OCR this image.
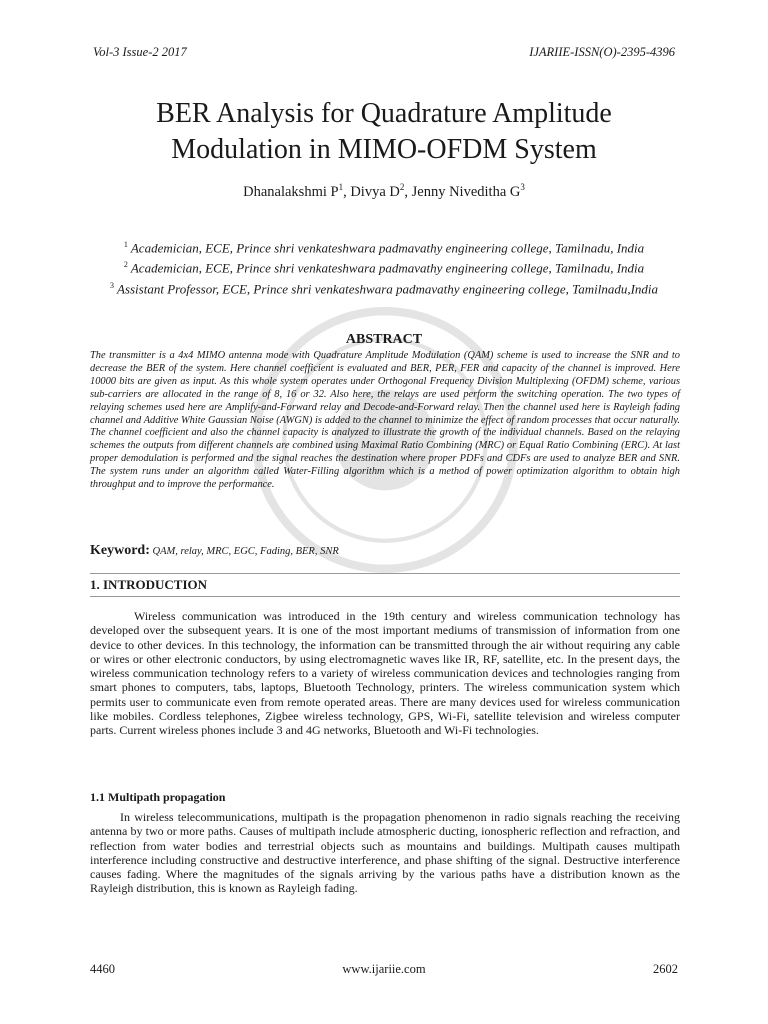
Vol-3 Issue-2 2017	IJARIIE-ISSN(O)-2395-4396
BER Analysis for Quadrature Amplitude
Modulation in MIMO-OFDM System
Dhanalakshmi $P^1$, Divya $D^2$, Jenny Niveditha $G^3$
$^1$ Academician, ECE, Prince shri venkateshwara padmavathy engineering college, Tamilnadu, India
$^2$ Academician, ECE, Prince shri venkateshwara padmavathy engineering college, Tamilnadu, India
$^3$ Assistant Professor, ECE, Prince shri venkateshwara padmavathy engineering college, Tamilnadu,India
ABSTRACT
The transmitter is a 4x4 MIMO antenna mode with Quadrature Amplitude Modulation (QAM) scheme is used to increase the SNR and to decrease the BER of the system. Here channel coefficient is evaluated and BER, PER, FER and capacity of the channel is improved. Here 10000 bits are given as input. As this whole system operates under Orthogonal Frequency Division Multiplexing (OFDM) scheme, various sub-carriers are allocated in the range of 8, 16 or 32. Also here, the relays are used perform the switching operation. The two types of relaying schemes used here are Amplify-and-Forward relay and Decode-and-Forward relay. Then the channel used here is Rayleigh fading channel and Additive White Gaussian Noise (AWGN) is added to the channel to minimize the effect of random processes that occur naturally. The channel coefficient and also the channel capacity is analyzed to illustrate the growth of the individual channels. Based on the relaying schemes the outputs from different channels are combined using Maximal Ratio Combining (MRC) or Equal Ratio Combining (ERC). At last proper demodulation is performed and the signal reaches the destination where proper PDFs and CDFs are used to analyze BER and SNR. The system runs under an algorithm called Water-Filling algorithm which is a method of power optimization algorithm to obtain high throughput and to improve the performance.
Keyword: QAM, relay, MRC, EGC, Fading, BER, SNR
1. INTRODUCTION
Wireless communication was introduced in the 19th century and wireless communication technology has developed over the subsequent years. It is one of the most important mediums of transmission of information from one device to other devices. In this technology, the information can be transmitted through the air without requiring any cable or wires or other electronic conductors, by using electromagnetic waves like IR, RF, satellite, etc. In the present days, the wireless communication technology refers to a variety of wireless communication devices and technologies ranging from smart phones to computers, tabs, laptops, Bluetooth Technology, printers. The wireless communication system which permits user to communicate even from remote operated areas. There are many devices used for wireless communication like mobiles. Cordless telephones, Zigbee wireless technology, GPS, Wi-Fi, satellite television and wireless computer parts. Current wireless phones include 3 and 4G networks, Bluetooth and Wi-Fi technologies.
1.1 Multipath propagation
In wireless telecommunications, multipath is the propagation phenomenon in radio signals reaching the receiving antenna by two or more paths. Causes of multipath include atmospheric ducting, ionospheric reflection and refraction, and reflection from water bodies and terrestrial objects such as mountains and buildings. Multipath causes multipath interference including constructive and destructive interference, and phase shifting of the signal. Destructive interference causes fading. Where the magnitudes of the signals arriving by the various paths have a distribution known as the Rayleigh distribution, this is known as Rayleigh fading.
4460	www.ijariie.com	2602
